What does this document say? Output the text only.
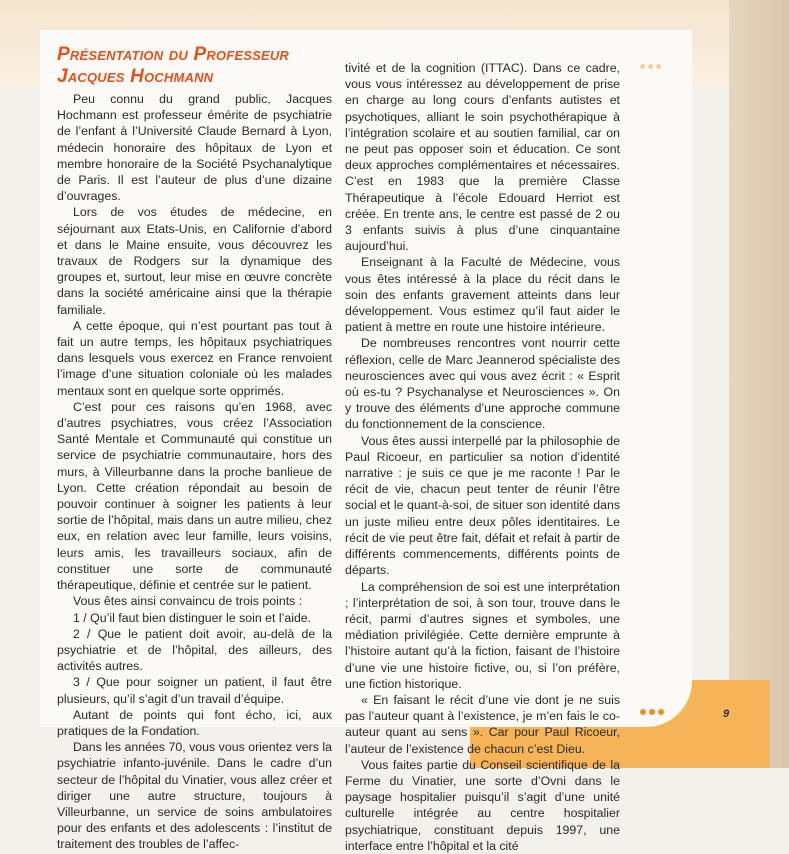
Présentation du Professeur
Jacques Hochmann

Peu connu du grand public, Jacques Hochmann est professeur émérite de psychiatrie de l’enfant à l’Université Claude Bernard à Lyon, médecin honoraire des hôpitaux de Lyon et membre honoraire de la Société Psychanalytique de Paris. Il est l’auteur de plus d’une dizaine d’ouvrages.

Lors de vos études de médecine, en séjournant aux Etats-Unis, en Californie d’abord et dans le Maine ensuite, vous découvrez les travaux de Rodgers sur la dynamique des groupes et, surtout, leur mise en œuvre concrète dans la société américaine ainsi que la thérapie familiale.

A cette époque, qui n’est pourtant pas tout à fait un autre temps, les hôpitaux psychiatriques dans lesquels vous exercez en France renvoient l’image d’une situation coloniale où les malades mentaux sont en quelque sorte opprimés.

C’est pour ces raisons qu’en 1968, avec d’autres psychiatres, vous créez l’Association Santé Mentale et Communauté qui constitue un service de psychiatrie communautaire, hors des murs, à Villeurbanne dans la proche banlieue de Lyon. Cette création répondait au besoin de pouvoir continuer à soigner les patients à leur sortie de l’hôpital, mais dans un autre milieu, chez eux, en relation avec leur famille, leurs voisins, leurs amis, les travailleurs sociaux, afin de constituer une sorte de communauté thérapeutique, définie et centrée sur le patient.

Vous êtes ainsi convaincu de trois points :

1 / Qu’il faut bien distinguer le soin et l’aide.

2 / Que le patient doit avoir, au-delà de la psychiatrie et de l’hôpital, des ailleurs, des activités autres.

3 / Que pour soigner un patient, il faut être plusieurs, qu’il s’agit d’un travail d’équipe.

Autant de points qui font écho, ici, aux pratiques de la Fondation.

Dans les années 70, vous vous orientez vers la psychiatrie infanto-juvénile. Dans le cadre d’un secteur de l’hôpital du Vinatier, vous allez créer et diriger une autre structure, toujours à Villeurbanne, un service de soins ambulatoires pour des enfants et des adolescents : l’institut de traitement des troubles de l’affec-

tivité et de la cognition (ITTAC). Dans ce cadre, vous vous intéressez au développement de prise en charge au long cours d’enfants autistes et psychotiques, alliant le soin psychothérapique à l’intégration scolaire et au soutien familial, car on ne peut pas opposer soin et éducation. Ce sont deux approches complémentaires et nécessaires. C’est en 1983 que la première Classe Thérapeutique à l’école Edouard Herriot est créée. En trente ans, le centre est passé de 2 ou 3 enfants suivis à plus d’une cinquantaine aujourd’hui.

Enseignant à la Faculté de Médecine, vous vous êtes intéressé à la place du récit dans le soin des enfants gravement atteints dans leur développement. Vous estimez qu’il faut aider le patient à mettre en route une histoire intérieure.

De nombreuses rencontres vont nourrir cette réflexion, celle de Marc Jeannerod spécialiste des neurosciences avec qui vous avez écrit : « Esprit où es-tu ? Psychanalyse et Neurosciences ». On y trouve des éléments d’une approche commune du fonctionnement de la conscience.

Vous êtes aussi interpellé par la philosophie de Paul Ricoeur, en particulier sa notion d’identité narrative : je suis ce que je me raconte ! Par le récit de vie, chacun peut tenter de réunir l’être social et le quant-à-soi, de situer son identité dans un juste milieu entre deux pôles identitaires. Le récit de vie peut être fait, défait et refait à partir de différents commencements, différents points de départs.

La compréhension de soi est une interprétation ; l’interprétation de soi, à son tour, trouve dans le récit, parmi d’autres signes et symboles, une médiation privilégiée. Cette dernière emprunte à l’histoire autant qu’à la fiction, faisant de l’histoire d’une vie une histoire fictive, ou, si l’on préfère, une fiction historique.

« En faisant le récit d’une vie dont je ne suis pas l’auteur quant à l’existence, je m’en fais le co-auteur quant au sens ». Car pour Paul Ricoeur, l’auteur de l’existence de chacun c’est Dieu.

Vous faites partie du Conseil scientifique de la Ferme du Vinatier, une sorte d’Ovni dans le paysage hospitalier puisqu’il s’agit d’une unité culturelle intégrée au centre hospitalier psychiatrique, constituant depuis 1997, une interface entre l’hôpital et la cité

9
